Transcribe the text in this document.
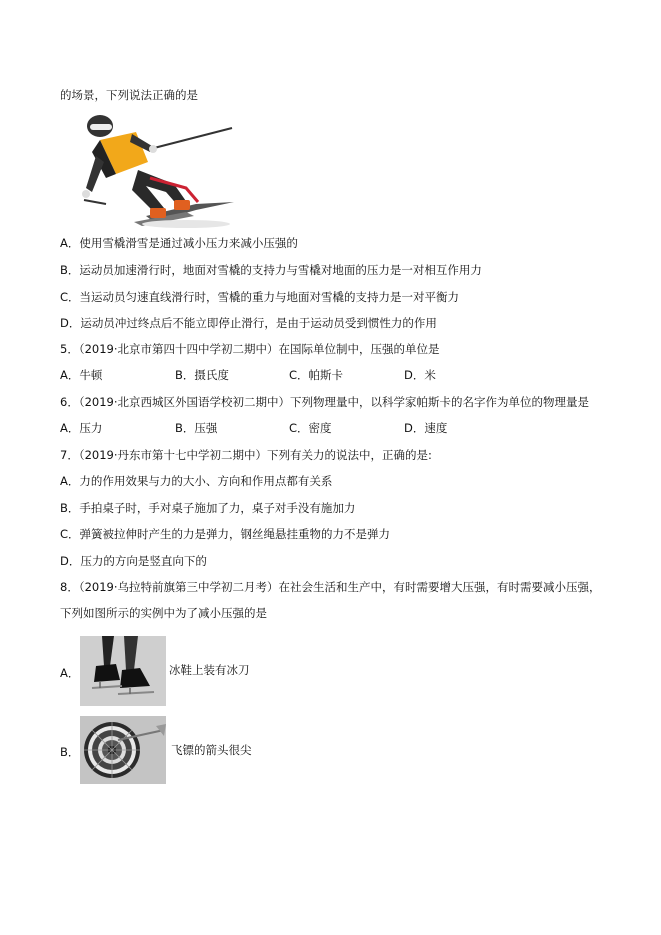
的场景，下列说法正确的是
A．使用雪橇滑雪是通过减小压力来减小压强的
B．运动员加速滑行时，地面对雪橇的支持力与雪橇对地面的压力是一对相互作用力
C．当运动员匀速直线滑行时，雪橇的重力与地面对雪橇的支持力是一对平衡力
D．运动员冲过终点后不能立即停止滑行，是由于运动员受到惯性力的作用
5．（2019·北京市第四十四中学初二期中）在国际单位制中，压强的单位是
A．牛顿	B．摄氏度	C．帕斯卡	D．米
6．（2019·北京西城区外国语学校初二期中）下列物理量中，以科学家帕斯卡的名字作为单位的物理量是
A．压力	B．压强	C．密度	D．速度
7．（2019·丹东市第十七中学初二期中）下列有关力的说法中，正确的是:
A．力的作用效果与力的大小、方向和作用点都有关系
B．手拍桌子时，手对桌子施加了力，桌子对手没有施加力
C．弹簧被拉伸时产生的力是弹力，钢丝绳悬挂重物的力不是弹力
D．压力的方向是竖直向下的
8．（2019·乌拉特前旗第三中学初二月考）在社会生活和生产中，有时需要增大压强，有时需要减小压强，
下列如图所示的实例中为了减小压强的是
A．	冰鞋上装有冰刀
B．	飞镖的箭头很尖
